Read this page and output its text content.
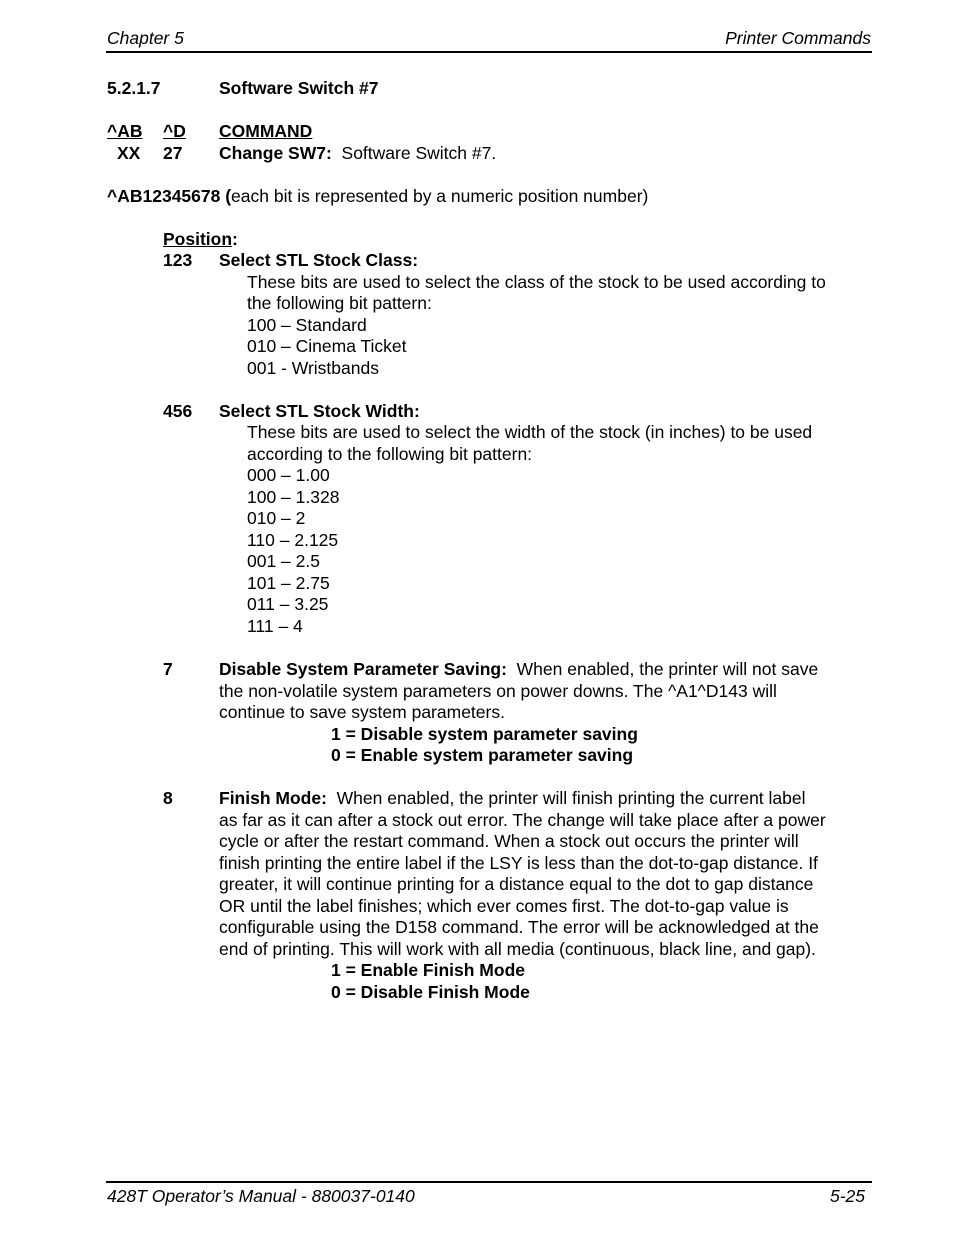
Chapter 5	Printer Commands
5.2.1.7	Software Switch #7
^AB ^D COMMAND
XX 27 Change SW7: Software Switch #7.
^AB12345678 (each bit is represented by a numeric position number)
Position:
123 Select STL Stock Class:
These bits are used to select the class of the stock to be used according to
the following bit pattern:
100 – Standard
010 – Cinema Ticket
001 - Wristbands
456 Select STL Stock Width:
These bits are used to select the width of the stock (in inches) to be used
according to the following bit pattern:
000 – 1.00
100 – 1.328
010 – 2
110 – 2.125
001 – 2.5
101 – 2.75
011 – 3.25
111 – 4
7	Disable System Parameter Saving:  When enabled, the printer will not save
the non-volatile system parameters on power downs. The ^A1^D143 will
continue to save system parameters.
1 = Disable system parameter saving
0 = Enable system parameter saving
8	Finish Mode:  When enabled, the printer will finish printing the current label
as far as it can after a stock out error. The change will take place after a power
cycle or after the restart command. When a stock out occurs the printer will
finish printing the entire label if the LSY is less than the dot-to-gap distance. If
greater, it will continue printing for a distance equal to the dot to gap distance
OR until the label finishes; which ever comes first. The dot-to-gap value is
configurable using the D158 command. The error will be acknowledged at the
end of printing. This will work with all media (continuous, black line, and gap).
1 = Enable Finish Mode
0 = Disable Finish Mode
428T Operator’s Manual - 880037-0140	5-25
